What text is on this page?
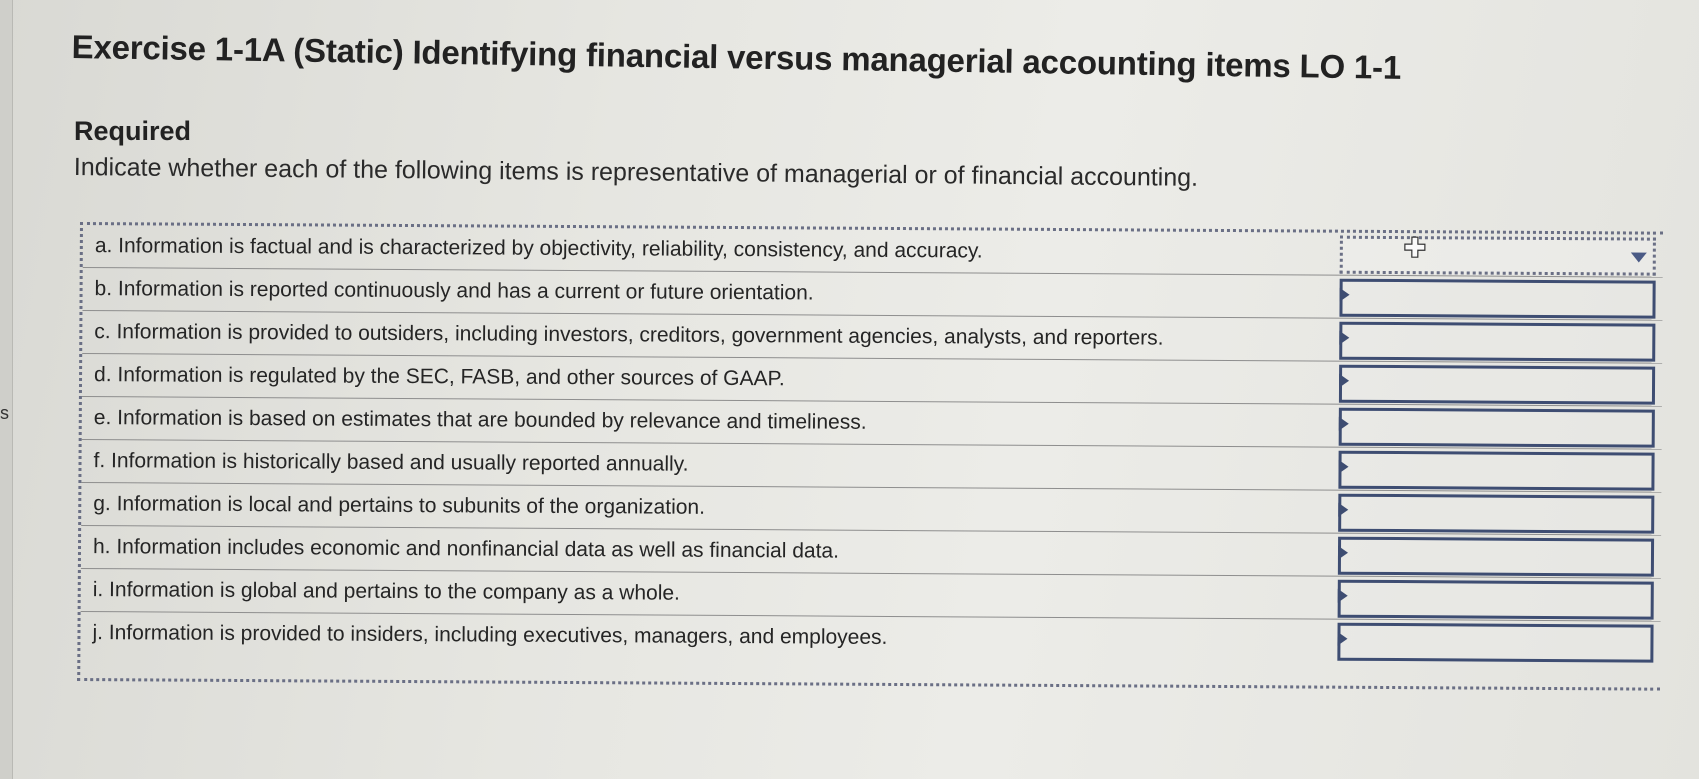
s
Exercise 1-1A (Static) Identifying financial versus managerial accounting items LO 1-1
Required
Indicate whether each of the following items is representative of managerial or of financial accounting.
a. Information is factual and is characterized by objectivity, reliability, consistency, and accuracy.
b. Information is reported continuously and has a current or future orientation.
c. Information is provided to outsiders, including investors, creditors, government agencies, analysts, and reporters.
d. Information is regulated by the SEC, FASB, and other sources of GAAP.
e. Information is based on estimates that are bounded by relevance and timeliness.
f. Information is historically based and usually reported annually.
g. Information is local and pertains to subunits of the organization.
h. Information includes economic and nonfinancial data as well as financial data.
i. Information is global and pertains to the company as a whole.
j. Information is provided to insiders, including executives, managers, and employees.
